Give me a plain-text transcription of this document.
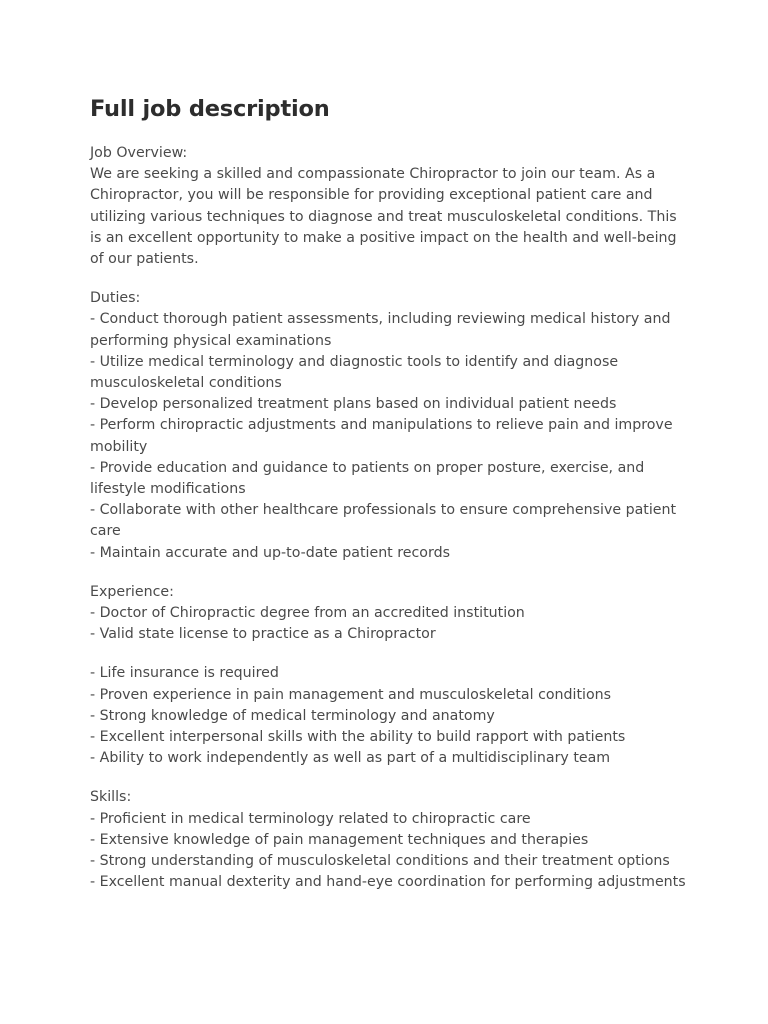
Full job description
Job Overview:
We are seeking a skilled and compassionate Chiropractor to join our team. As a Chiropractor, you will be responsible for providing exceptional patient care and utilizing various techniques to diagnose and treat musculoskeletal conditions. This is an excellent opportunity to make a positive impact on the health and well-being of our patients.
Duties:
- Conduct thorough patient assessments, including reviewing medical history and performing physical examinations
- Utilize medical terminology and diagnostic tools to identify and diagnose musculoskeletal conditions
- Develop personalized treatment plans based on individual patient needs
- Perform chiropractic adjustments and manipulations to relieve pain and improve mobility
- Provide education and guidance to patients on proper posture, exercise, and lifestyle modifications
- Collaborate with other healthcare professionals to ensure comprehensive patient care
- Maintain accurate and up-to-date patient records
Experience:
- Doctor of Chiropractic degree from an accredited institution
- Valid state license to practice as a Chiropractor
- Life insurance is required
- Proven experience in pain management and musculoskeletal conditions
- Strong knowledge of medical terminology and anatomy
- Excellent interpersonal skills with the ability to build rapport with patients
- Ability to work independently as well as part of a multidisciplinary team
Skills:
- Proficient in medical terminology related to chiropractic care
- Extensive knowledge of pain management techniques and therapies
- Strong understanding of musculoskeletal conditions and their treatment options
- Excellent manual dexterity and hand-eye coordination for performing adjustments
